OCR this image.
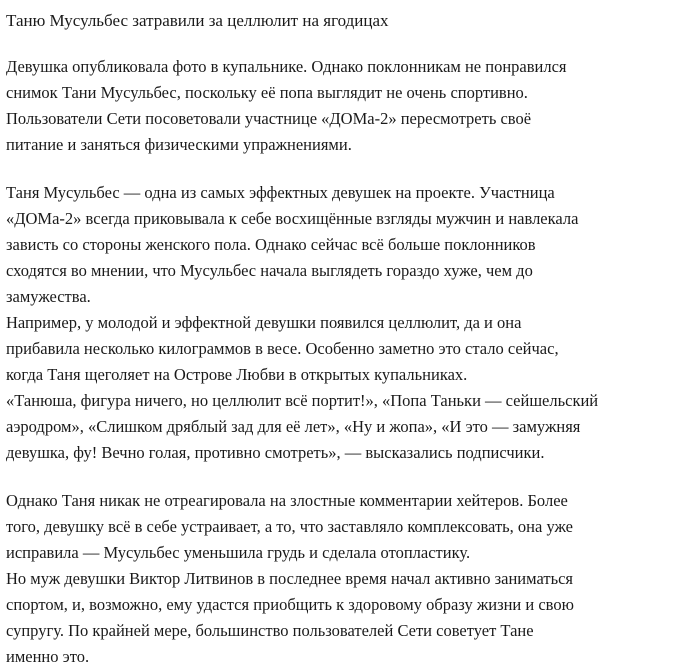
Таню Мусульбес затравили за целлюлит на ягодицах

Девушка опубликовала фото в купальнике. Однако поклонникам не понравился
снимок Тани Мусульбес, поскольку её попа выглядит не очень спортивно.
Пользователи Сети посоветовали участнице «ДОМа-2» пересмотреть своё
питание и заняться физическими упражнениями.

Таня Мусульбес — одна из самых эффектных девушек на проекте. Участница
«ДОМа-2» всегда приковывала к себе восхищённые взгляды мужчин и навлекала
зависть со стороны женского пола. Однако сейчас всё больше поклонников
сходятся во мнении, что Мусульбес начала выглядеть гораздо хуже, чем до
замужества.
Например, у молодой и эффектной девушки появился целлюлит, да и она
прибавила несколько килограммов в весе. Особенно заметно это стало сейчас,
когда Таня щеголяет на Острове Любви в открытых купальниках.
«Танюша, фигура ничего, но целлюлит всё портит!», «Попа Таньки — сейшельский
аэродром», «Слишком дряблый зад для её лет», «Ну и жопа», «И это — замужняя
девушка, фу! Вечно голая, противно смотреть», — высказались подписчики.

Однако Таня никак не отреагировала на злостные комментарии хейтеров. Более
того, девушку всё в себе устраивает, а то, что заставляло комплексовать, она уже
исправила — Мусульбес уменьшила грудь и сделала отопластику.
Но муж девушки Виктор Литвинов в последнее время начал активно заниматься
спортом, и, возможно, ему удастся приобщить к здоровому образу жизни и свою
супругу. По крайней мере, большинство пользователей Сети советует Тане
именно это.
